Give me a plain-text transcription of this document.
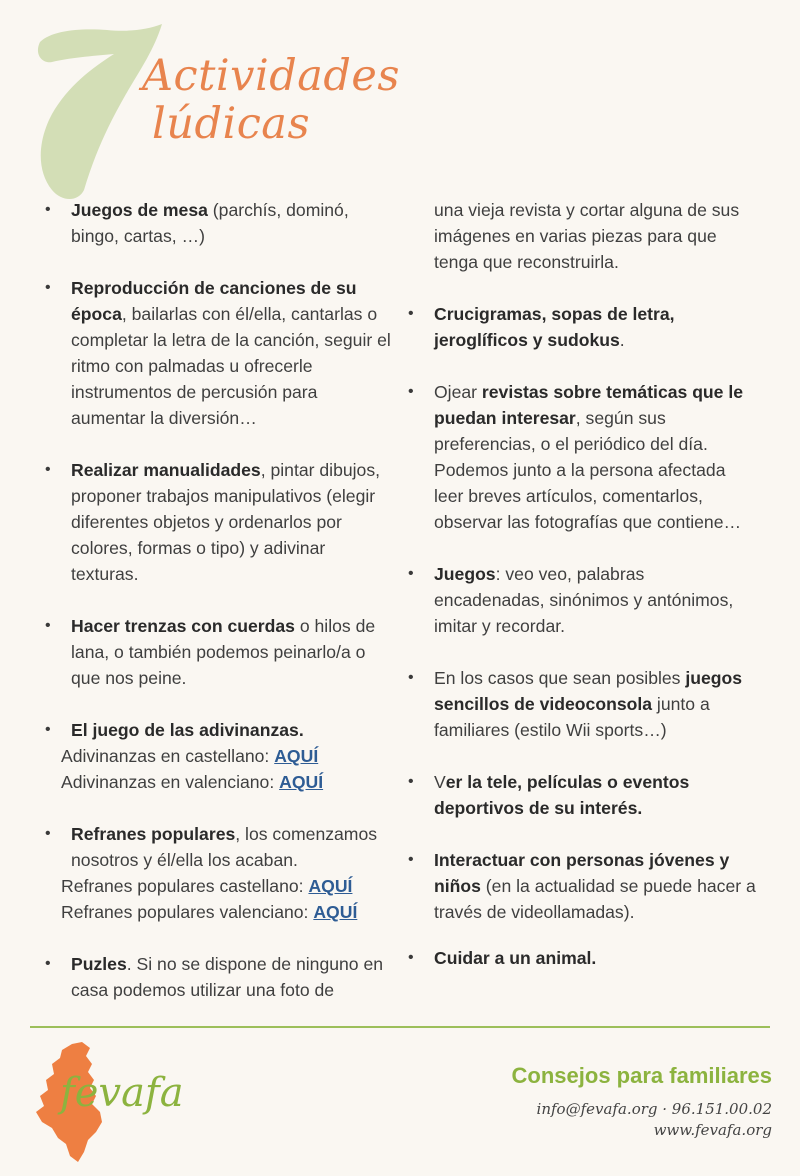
Actividades
lúdicas
•	Juegos de mesa (parchís, dominó, bingo, cartas, …)
•	Reproducción de canciones de su época, bailarlas con él/ella, cantarlas o completar la letra de la canción, seguir el ritmo con palmadas u ofrecerle instrumentos de percusión para aumentar la diversión…
•	Realizar manualidades, pintar dibujos, proponer trabajos manipulativos (elegir diferentes objetos y ordenarlos por colores, formas o tipo) y adivinar texturas.
•	Hacer trenzas con cuerdas o hilos de lana, o también podemos peinarlo/a o que nos peine.
•	El juego de las adivinanzas.
Adivinanzas en castellano: AQUÍ
Adivinanzas en valenciano: AQUÍ
•	Refranes populares, los comenzamos nosotros y él/ella los acaban.
Refranes populares castellano: AQUÍ
Refranes populares valenciano: AQUÍ
•	Puzles. Si no se dispone de ninguno en casa podemos utilizar una foto de
una vieja revista y cortar alguna de sus imágenes en varias piezas para que tenga que reconstruirla.
•	Crucigramas, sopas de letra, jeroglíficos y sudokus.
•	Ojear revistas sobre temáticas que le puedan interesar, según sus preferencias, o el periódico del día. Podemos junto a la persona afectada leer breves artículos, comentarlos, observar las fotografías que contiene…
•	Juegos: veo veo, palabras encadenadas, sinónimos y antónimos, imitar y recordar.
•	En los casos que sean posibles juegos sencillos de videoconsola junto a familiares (estilo Wii sports…)
•	Ver la tele, películas o eventos deportivos de su interés.
•	Interactuar con personas jóvenes y niños (en la actualidad se puede hacer a través de videollamadas).
•	Cuidar a un animal.
fevafa	Consejos para familiares
info@fevafa.org · 96.151.00.02
www.fevafa.org
